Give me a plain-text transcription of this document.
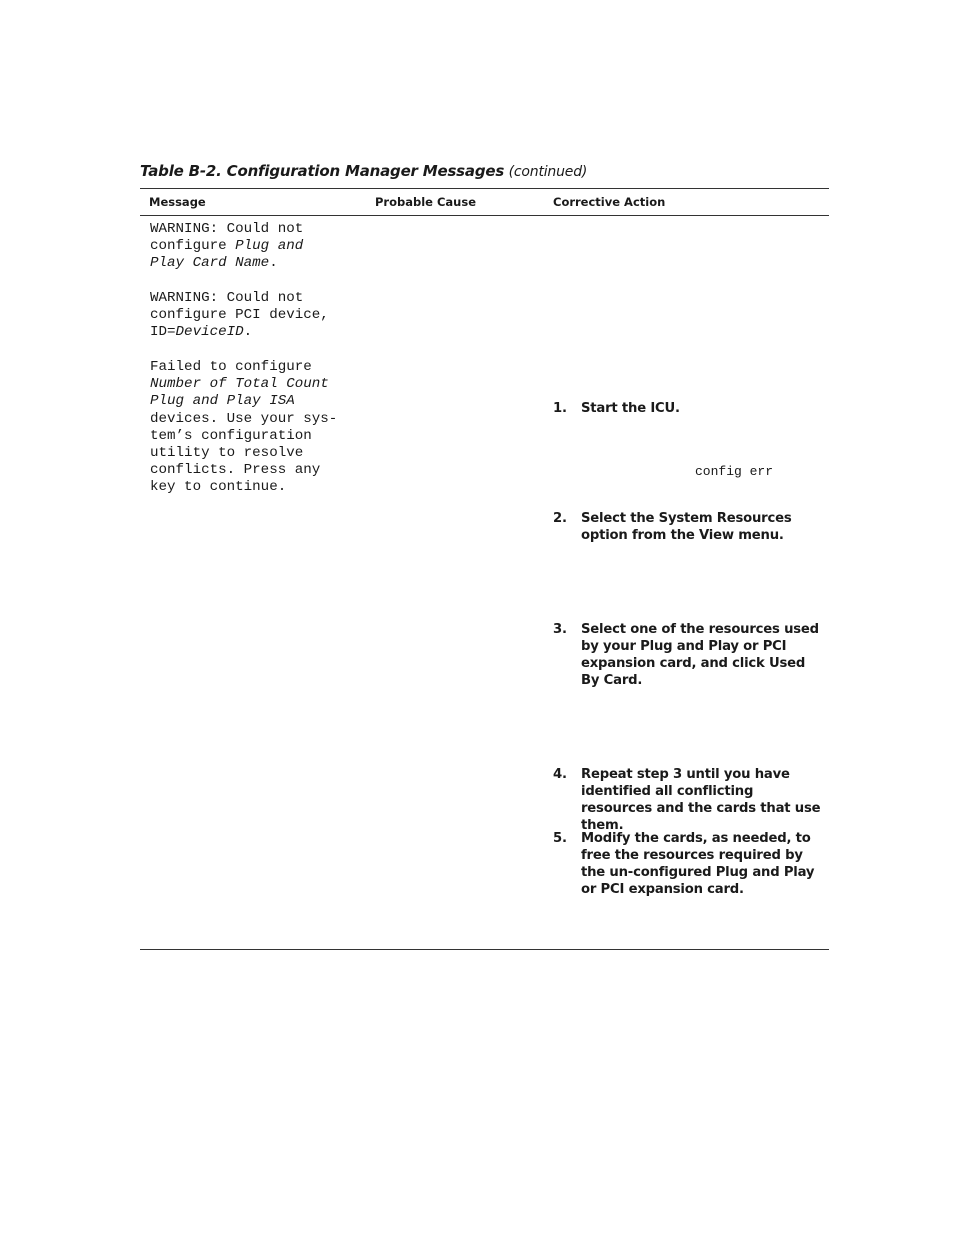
Table B-2. Configuration Manager Messages (continued)
Message	Probable Cause	Corrective Action
WARNING: Could not
configure Plug and
Play Card Name.
WARNING: Could not
configure PCI device,
ID=DeviceID.
Failed to configure
Number of Total Count
Plug and Play ISA
devices. Use your sys-
tem’s configuration
utility to resolve
conflicts. Press any
key to continue.
config err
1. Start the ICU.
2. Select the System Resources option from the View menu.
3. Select one of the resources used by your Plug and Play or PCI expansion card, and click Used By Card.
4. Repeat step 3 until you have identified all conflicting resources and the cards that use them.
5. Modify the cards, as needed, to free the resources required by the un-configured Plug and Play or PCI expansion card.
